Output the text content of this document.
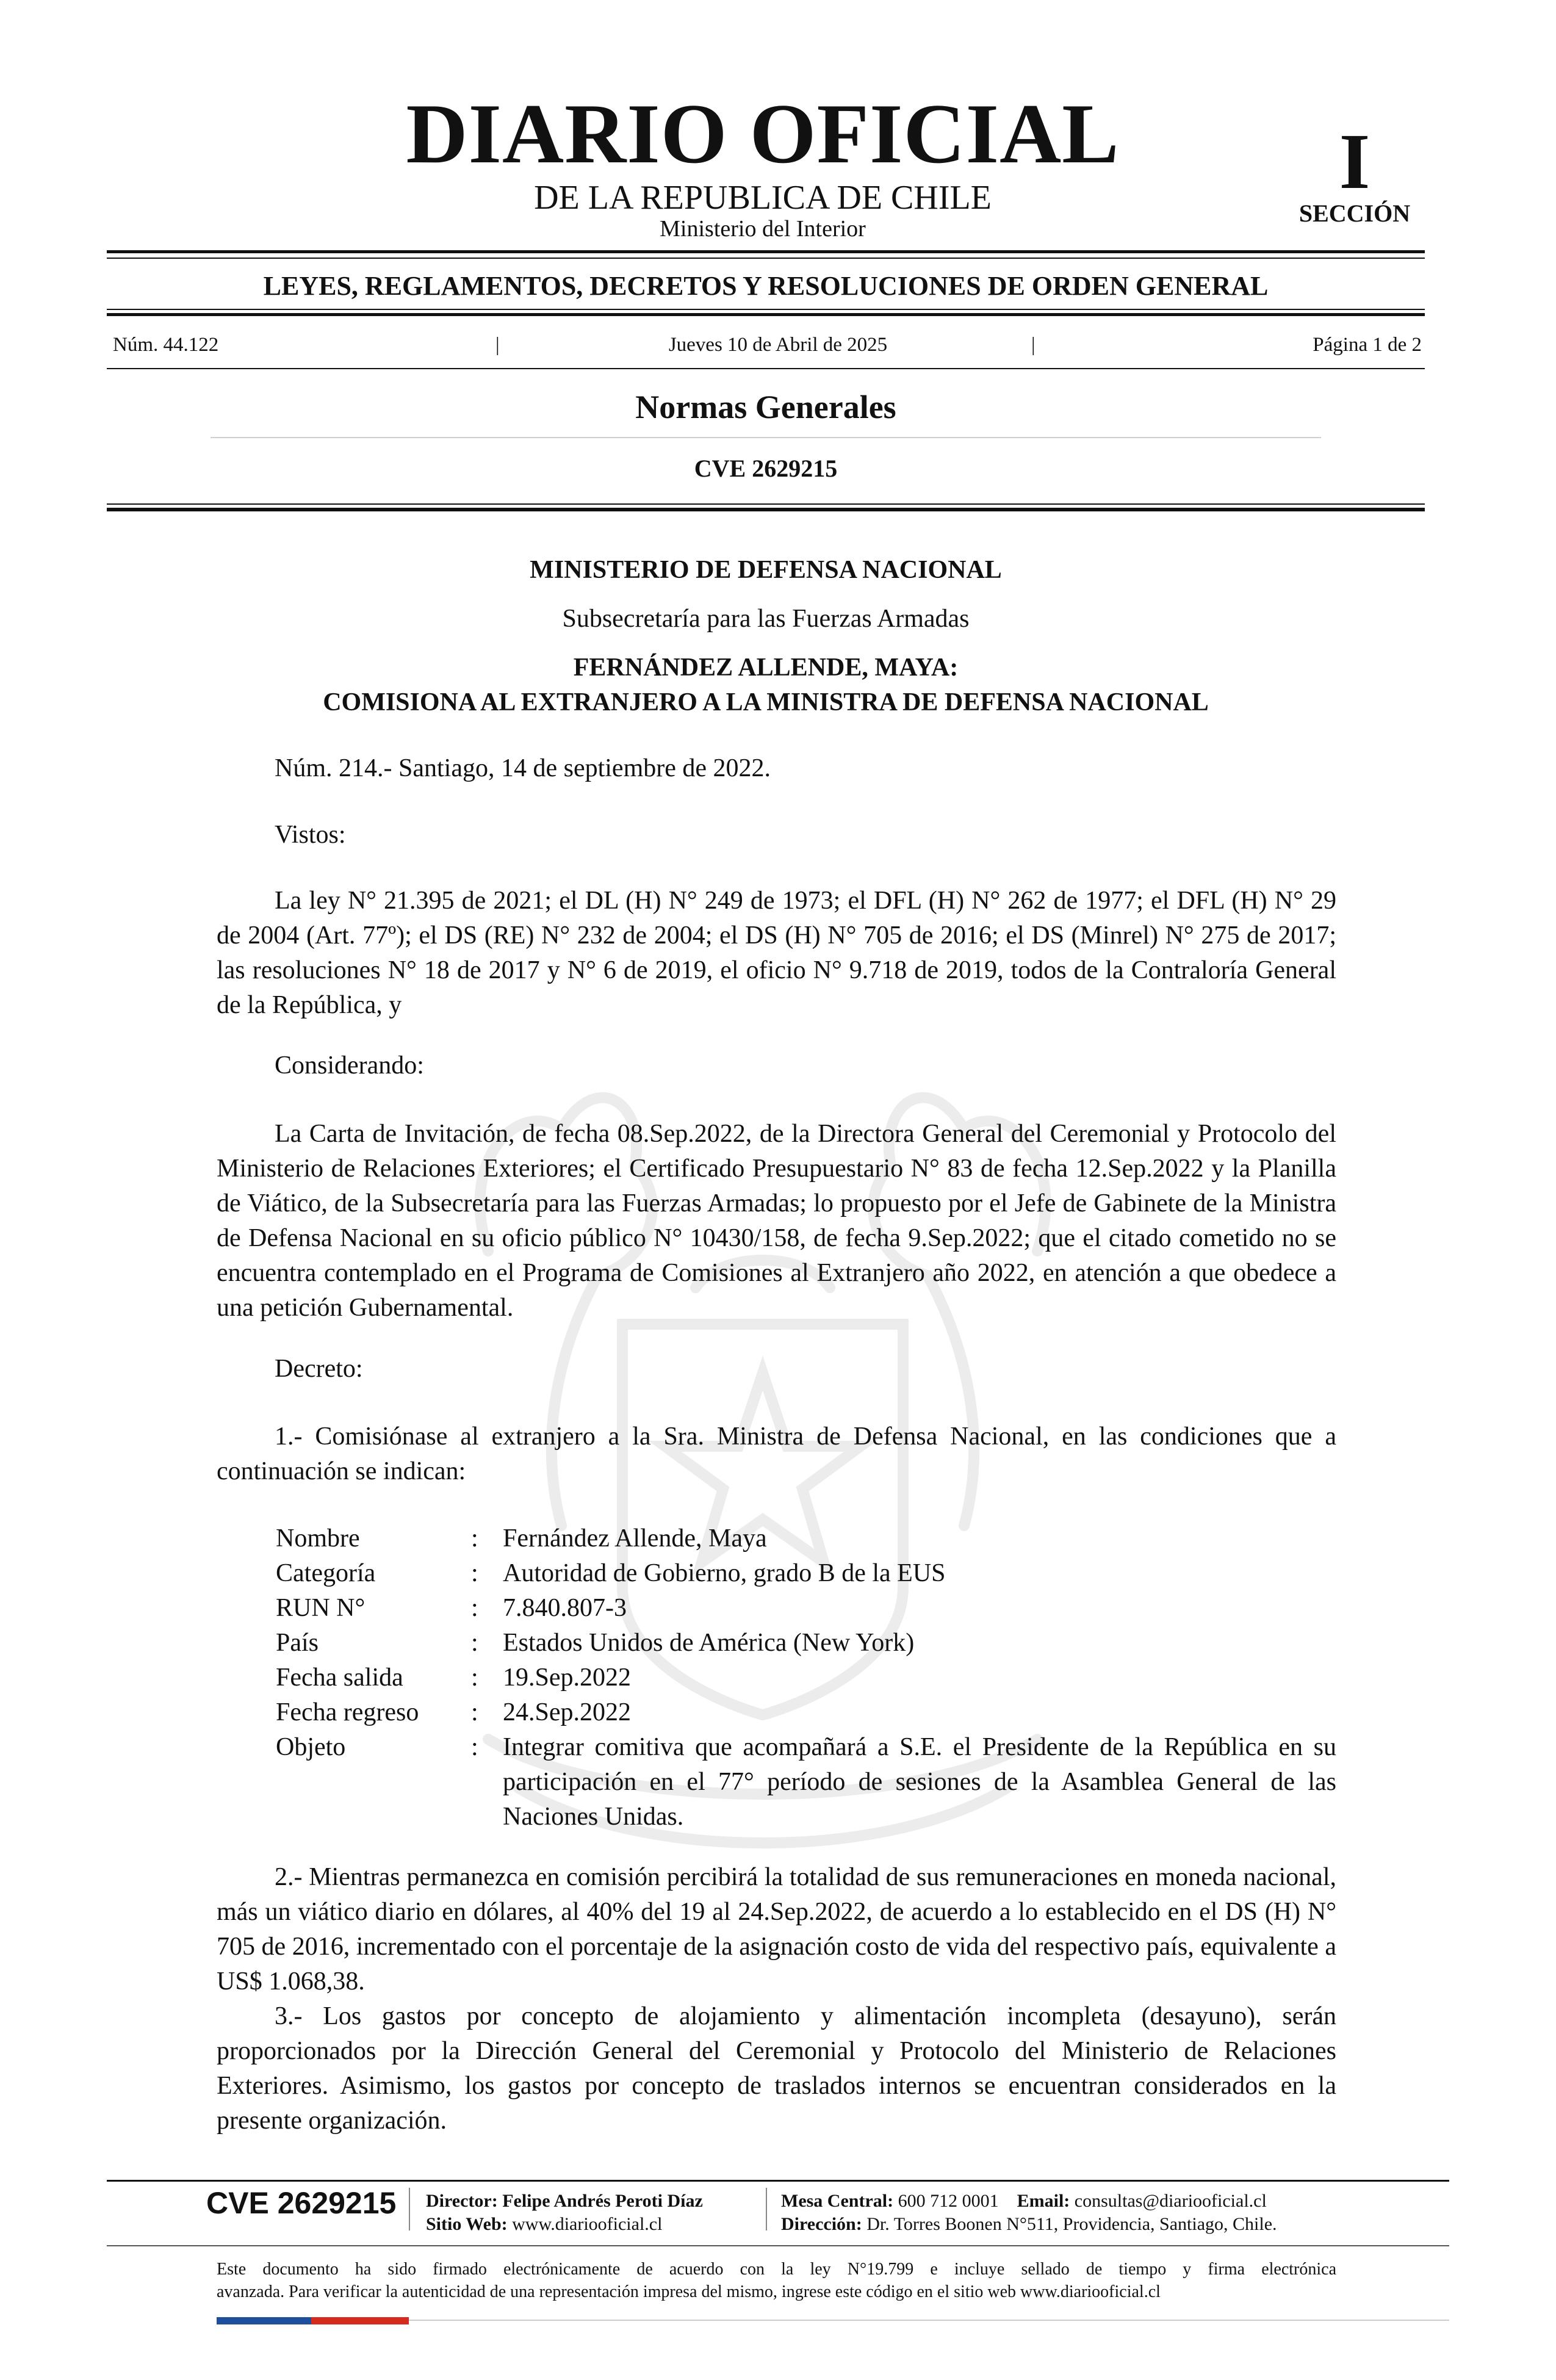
DIARIO OFICIAL
DE LA REPUBLICA DE CHILE
Ministerio del Interior
I
SECCIÓN
LEYES, REGLAMENTOS, DECRETOS Y RESOLUCIONES DE ORDEN GENERAL
Núm. 44.122	|	Jueves 10 de Abril de 2025	|	Página 1 de 2
Normas Generales
CVE 2629215
MINISTERIO DE DEFENSA NACIONAL
Subsecretaría para las Fuerzas Armadas
FERNÁNDEZ ALLENDE, MAYA:
COMISIONA AL EXTRANJERO A LA MINISTRA DE DEFENSA NACIONAL
Núm. 214.- Santiago, 14 de septiembre de 2022.
Vistos:
La ley N° 21.395 de 2021; el DL (H) N° 249 de 1973; el DFL (H) N° 262 de 1977; el DFL (H) N° 29 de 2004 (Art. 77º); el DS (RE) N° 232 de 2004; el DS (H) N° 705 de 2016; el DS (Minrel) N° 275 de 2017; las resoluciones N° 18 de 2017 y N° 6 de 2019, el oficio N° 9.718 de 2019, todos de la Contraloría General de la República, y
Considerando:
La Carta de Invitación, de fecha 08.Sep.2022, de la Directora General del Ceremonial y Protocolo del Ministerio de Relaciones Exteriores; el Certificado Presupuestario N° 83 de fecha 12.Sep.2022 y la Planilla de Viático, de la Subsecretaría para las Fuerzas Armadas; lo propuesto por el Jefe de Gabinete de la Ministra de Defensa Nacional en su oficio público N° 10430/158, de fecha 9.Sep.2022; que el citado cometido no se encuentra contemplado en el Programa de Comisiones al Extranjero año 2022, en atención a que obedece a una petición Gubernamental.
Decreto:
1.- Comisiónase al extranjero a la Sra. Ministra de Defensa Nacional, en las condiciones que a continuación se indican:
Nombre	: Fernández Allende, Maya
Categoría	: Autoridad de Gobierno, grado B de la EUS
RUN N°	: 7.840.807-3
País	: Estados Unidos de América (New York)
Fecha salida	: 19.Sep.2022
Fecha regreso : 24.Sep.2022
Objeto	: Integrar comitiva que acompañará a S.E. el Presidente de la República en su participación en el 77° período de sesiones de la Asamblea General de las Naciones Unidas.
2.- Mientras permanezca en comisión percibirá la totalidad de sus remuneraciones en moneda nacional, más un viático diario en dólares, al 40% del 19 al 24.Sep.2022, de acuerdo a lo establecido en el DS (H) N° 705 de 2016, incrementado con el porcentaje de la asignación costo de vida del respectivo país, equivalente a US$ 1.068,38.
3.- Los gastos por concepto de alojamiento y alimentación incompleta (desayuno), serán proporcionados por la Dirección General del Ceremonial y Protocolo del Ministerio de Relaciones Exteriores. Asimismo, los gastos por concepto de traslados internos se encuentran considerados en la presente organización.
CVE 2629215 Director: Felipe Andrés Peroti Díaz
Sitio Web: www.diariooficial.cl
Mesa Central: 600 712 0001 Email: consultas@diariooficial.cl
Dirección: Dr. Torres Boonen N°511, Providencia, Santiago, Chile.
Este documento ha sido firmado electrónicamente de acuerdo con la ley N°19.799 e incluye sellado de tiempo y firma electrónica
avanzada. Para verificar la autenticidad de una representación impresa del mismo, ingrese este código en el sitio web www.diariooficial.cl
